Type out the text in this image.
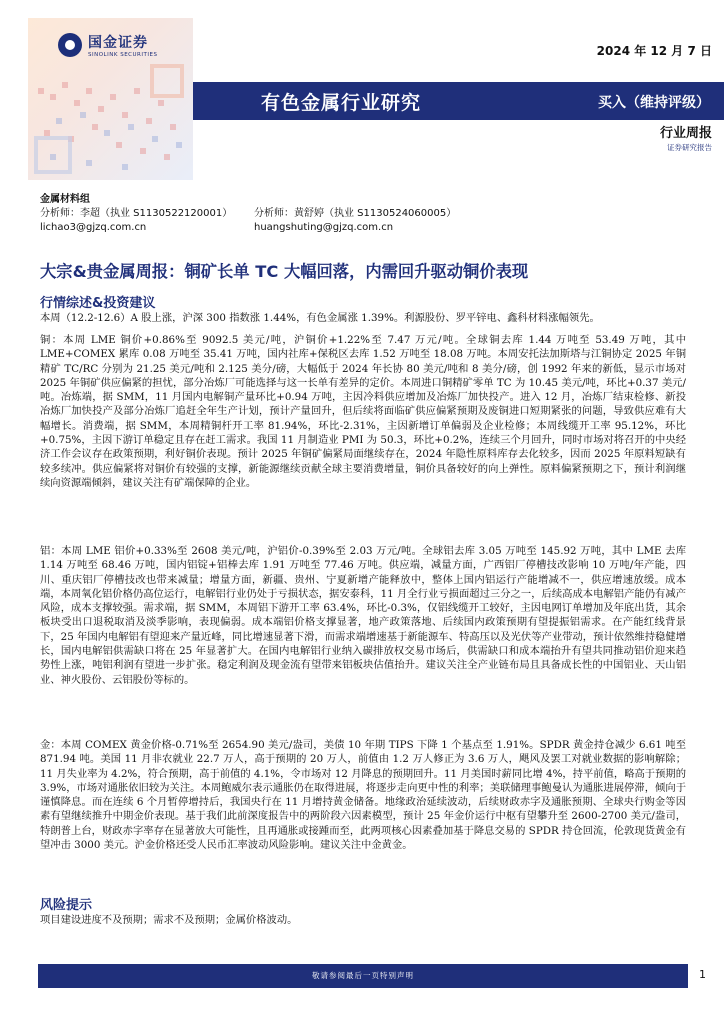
国金证券
SINOLINK SECURITIES	2024 年 12 月 7 日
有色金属行业研究	买入（维持评级）
行业周报
证券研究报告
金属材料组
分析师：李超（执业 S1130522120001）
lichao3@gjzq.com.cn
分析师：黄舒婷（执业 S1130524060005）
huangshuting@gjzq.com.cn
大宗&贵金属周报：铜矿长单 TC 大幅回落，内需回升驱动铜价表现
行情综述&投资建议
本周（12.2-12.6）A 股上涨，沪深 300 指数涨 1.44%，有色金属涨 1.39%。利源股份、罗平锌电、鑫科材料涨幅领先。
铜：本周 LME 铜价+0.86%至 9092.5 美元/吨，沪铜价+1.22%至 7.47 万元/吨。全球铜去库 1.44 万吨至 53.49 万吨，其中 LME+COMEX 累库 0.08 万吨至 35.41 万吨，国内社库+保税区去库 1.52 万吨至 18.08 万吨。本周安托法加斯塔与江铜协定 2025 年铜精矿 TC/RC 分别为 21.25 美元/吨和 2.125 美分/磅，大幅低于 2024 年长协 80 美元/吨和 8 美分/磅，创 1992 年来的新低，显示市场对 2025 年铜矿供应偏紧的担忧，部分冶炼厂可能选择与这一长单有差异的定价。本周进口铜精矿零单 TC 为 10.45 美元/吨，环比+0.37 美元/吨。冶炼端，据 SMM，11 月国内电解铜产量环比+0.94 万吨，主因冷料供应增加及冶炼厂加快投产。进入 12 月，冶炼厂结束检修、新投冶炼厂加快投产及部分冶炼厂追赶全年生产计划，预计产量回升，但后续将面临矿供应偏紧预期及废铜进口短期紧张的问题，导致供应难有大幅增长。消费端，据 SMM，本周精铜杆开工率 81.94%，环比-2.31%，主因新增订单偏弱及企业检修；本周线缆开工率 95.12%，环比+0.75%，主因下游订单稳定且存在赶工需求。我国 11 月制造业 PMI 为 50.3，环比+0.2%，连续三个月回升，同时市场对将召开的中央经济工作会议存在政策预期，利好铜价表现。预计 2025 年铜矿偏紧局面继续存在，2024 年隐性原料库存去化较多，因而 2025 年原料短缺有较多续冲。供应偏紧将对铜价有较强的支撑，新能源继续贡献全球主要消费增量，铜价具备较好的向上弹性。原料偏紧预期之下，预计利润继续向资源端倾斜，建议关注有矿端保障的企业。
铝：本周 LME 铝价+0.33%至 2608 美元/吨，沪铝价-0.39%至 2.03 万元/吨。全球铝去库 3.05 万吨至 145.92 万吨，其中 LME 去库 1.14 万吨至 68.46 万吨，国内铝锭+铝棒去库 1.91 万吨至 77.46 万吨。供应端，减量方面，广西铝厂停槽技改影响 10 万吨/年产能，四川、重庆铝厂停槽技改也带来减量；增量方面，新疆、贵州、宁夏新增产能释放中，整体上国内铝运行产能增减不一，供应增速放缓。成本端，本周氧化铝价格仍高位运行，电解铝行业仍处于亏损状态，据安泰科，11 月全行业亏损面超过三分之一，后续高成本电解铝产能仍有减产风险，成本支撑较强。需求端，据 SMM，本周铝下游开工率 63.4%，环比-0.3%，仅铝线缆开工较好，主因电网订单增加及年底出货，其余板块受出口退税取消及淡季影响，表现偏弱。成本端铝价格支撑显著，地产政策落地、后续国内政策预期有望提振铝需求。在产能红线背景下，25 年国内电解铝有望迎来产量近峰，同比增速显著下滑，而需求端增速基于新能源车、特高压以及光伏等产业带动，预计依然维持稳健增长，国内电解铝供需缺口将在 25 年显著扩大。在国内电解铝行业纳入碳排放权交易市场后，供需缺口和成本端抬升有望共同推动铝价迎来趋势性上涨，吨铝利润有望进一步扩张。稳定利润及现金流有望带来铝板块估值抬升。建议关注全产业链布局且具备成长性的中国铝业、天山铝业、神火股份、云铝股份等标的。
金：本周 COMEX 黄金价格-0.71%至 2654.90 美元/盎司，美债 10 年期 TIPS 下降 1 个基点至 1.91%。SPDR 黄金持仓减少 6.61 吨至 871.94 吨。美国 11 月非农就业 22.7 万人，高于预期的 20 万人，前值由 1.2 万人修正为 3.6 万人，飓风及罢工对就业数据的影响解除；11 月失业率为 4.2%，符合预期，高于前值的 4.1%，令市场对 12 月降息的预期回升。11 月美国时薪同比增 4%，持平前值，略高于预期的 3.9%，市场对通胀依旧较为关注。本周鲍威尔表示通胀仍在取得进展，将逐步走向更中性的利率；美联储理事鲍曼认为通胀进展停滞，倾向于谨慎降息。而在连续 6 个月暂停增持后，我国央行在 11 月增持黄金储备。地缘政治延续波动，后续财政赤字及通胀预期、全球央行购金等因素有望继续推升中期金价表现。基于我们此前深度报告中的两阶段六因素模型，预计 25 年金价运行中枢有望攀升至 2600-2700 美元/盎司，特朗普上台，财政赤字率存在显著放大可能性，且再通胀或接踵而至，此两项核心因素叠加基于降息交易的 SPDR 持仓回流，伦敦现货黄金有望冲击 3000 美元。沪金价格还受人民币汇率波动风险影响。建议关注中金黄金。
风险提示
项目建设进度不及预期；需求不及预期；金属价格波动。
敬请参阅最后一页特别声明	1
